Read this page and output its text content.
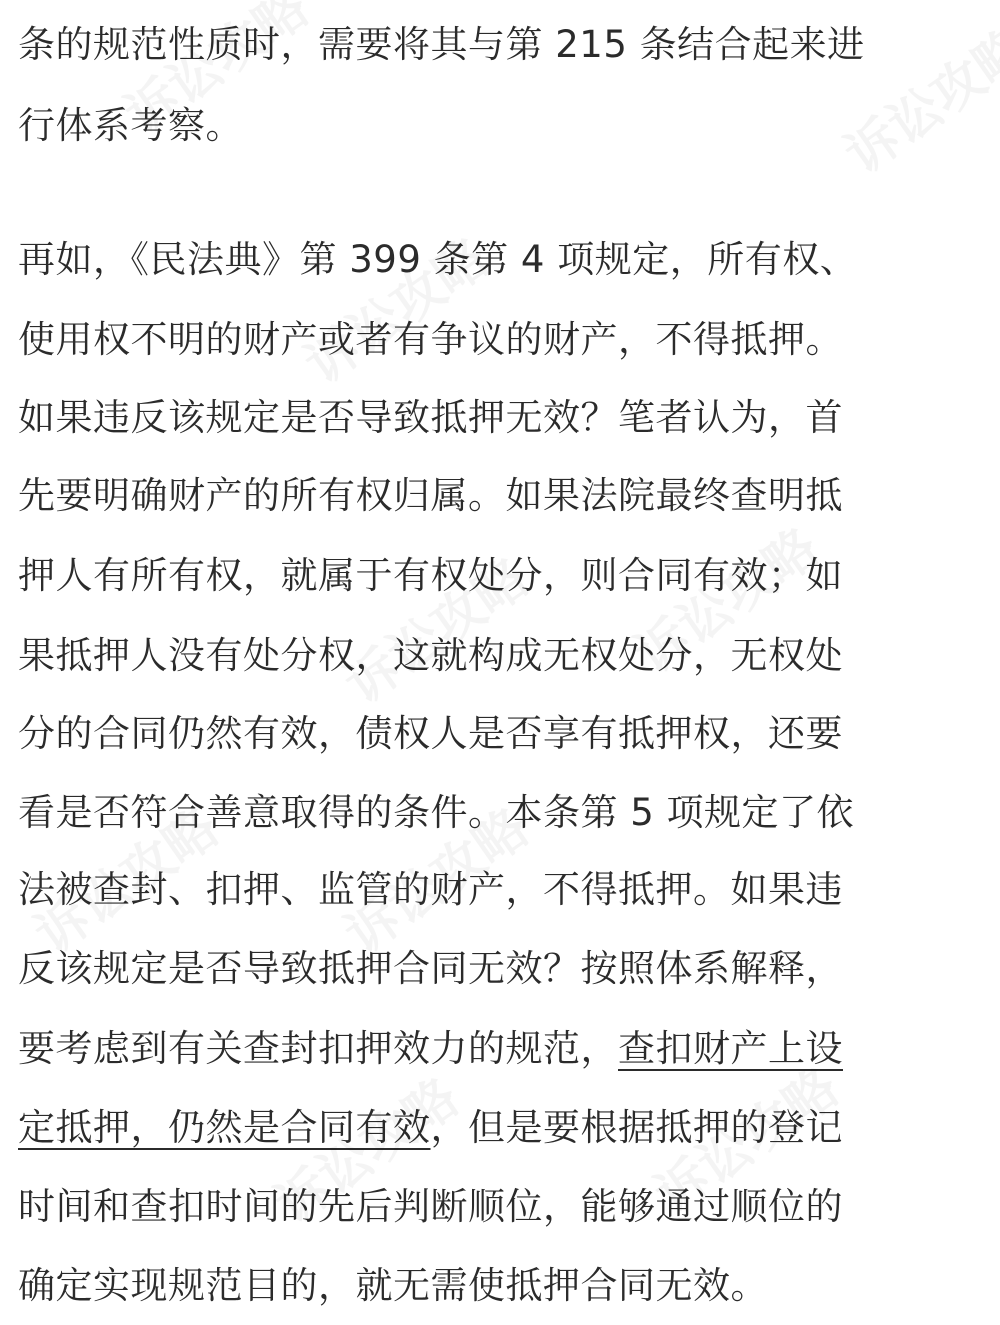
条的规范性质时，需要将其与第 215 条结合起来进
行体系考察。
再如，《民法典》第 399 条第 4 项规定，所有权、
使用权不明的财产或者有争议的财产，不得抵押。
如果违反该规定是否导致抵押无效？笔者认为，首
先要明确财产的所有权归属。如果法院最终查明抵
押人有所有权，就属于有权处分，则合同有效；如
果抵押人没有处分权，这就构成无权处分，无权处
分的合同仍然有效，债权人是否享有抵押权，还要
看是否符合善意取得的条件。本条第 5 项规定了依
法被查封、扣押、监管的财产，不得抵押。如果违
反该规定是否导致抵押合同无效？按照体系解释，
要考虑到有关查封扣押效力的规范，查扣财产上设
定抵押，仍然是合同有效，但是要根据抵押的登记
时间和查扣时间的先后判断顺位，能够通过顺位的
确定实现规范目的，就无需使抵押合同无效。
